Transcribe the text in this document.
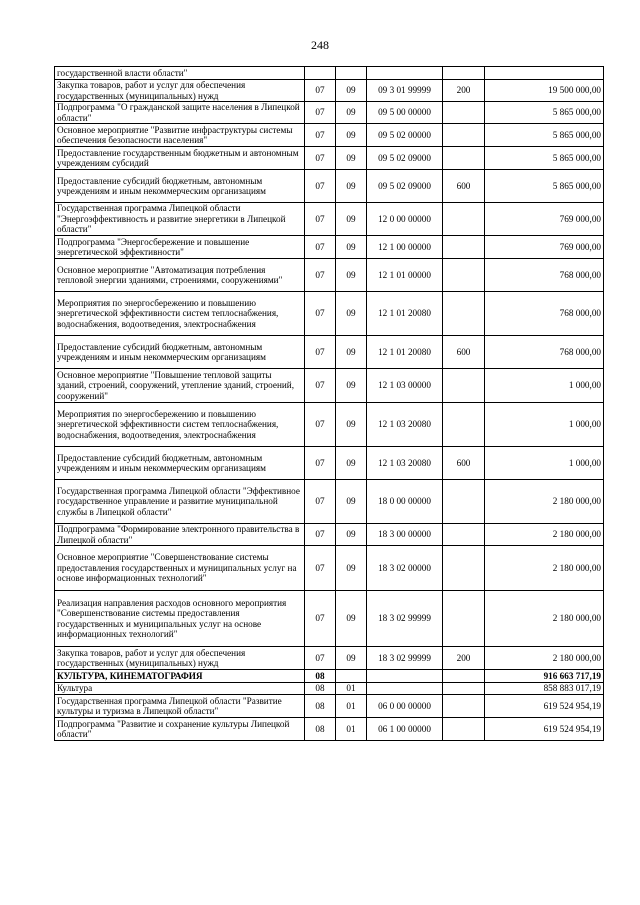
248
государственной власти области"					
Закупка товаров, работ и услуг для обеспечения государственных (муниципальных) нужд	07	09	09 3 01 99999	200	19 500 000,00
Подпрограмма "О гражданской защите населения в Липецкой области"	07	09	09 5 00 00000		5 865 000,00
Основное мероприятие "Развитие инфраструктуры системы обеспечения безопасности населения"	07	09	09 5 02 00000		5 865 000,00
Предоставление государственным бюджетным и автономным учреждениям субсидий	07	09	09 5 02 09000		5 865 000,00
Предоставление субсидий бюджетным, автономным учреждениям и иным некоммерческим организациям	07	09	09 5 02 09000	600	5 865 000,00
Государственная программа Липецкой области "Энергоэффективность и развитие энергетики в Липецкой области"	07	09	12 0 00 00000		769 000,00
Подпрограмма "Энергосбережение и повышение энергетической эффективности"	07	09	12 1 00 00000		769 000,00
Основное мероприятие "Автоматизация потребления тепловой энергии зданиями, строениями, сооружениями"	07	09	12 1 01 00000		768 000,00
Мероприятия по энергосбережению и повышению энергетической эффективности систем теплоснабжения, водоснабжения, водоотведения, электроснабжения	07	09	12 1 01 20080		768 000,00
Предоставление субсидий бюджетным, автономным учреждениям и иным некоммерческим организациям	07	09	12 1 01 20080	600	768 000,00
Основное мероприятие "Повышение тепловой защиты зданий, строений, сооружений, утепление зданий, строений, сооружений"	07	09	12 1 03 00000		1 000,00
Мероприятия по энергосбережению и повышению энергетической эффективности систем теплоснабжения, водоснабжения, водоотведения, электроснабжения	07	09	12 1 03 20080		1 000,00
Предоставление субсидий бюджетным, автономным учреждениям и иным некоммерческим организациям	07	09	12 1 03 20080	600	1 000,00
Государственная программа Липецкой области "Эффективное государственное управление и развитие муниципальной службы в Липецкой области"	07	09	18 0 00 00000		2 180 000,00
Подпрограмма "Формирование электронного правительства в Липецкой области"	07	09	18 3 00 00000		2 180 000,00
Основное мероприятие "Совершенствование системы предоставления государственных и муниципальных услуг на основе информационных технологий"	07	09	18 3 02 00000		2 180 000,00
Реализация направления расходов основного мероприятия "Совершенствование системы предоставления государственных и муниципальных услуг на основе информационных технологий"	07	09	18 3 02 99999		2 180 000,00
Закупка товаров, работ и услуг для обеспечения государственных (муниципальных) нужд	07	09	18 3 02 99999	200	2 180 000,00
КУЛЬТУРА, КИНЕМАТОГРАФИЯ	08				916 663 717,19
Культура	08	01			858 883 017,19
Государственная программа Липецкой области "Развитие культуры и туризма в Липецкой области"	08	01	06 0 00 00000		619 524 954,19
Подпрограмма "Развитие и сохранение культуры Липецкой области"	08	01	06 1 00 00000		619 524 954,19
